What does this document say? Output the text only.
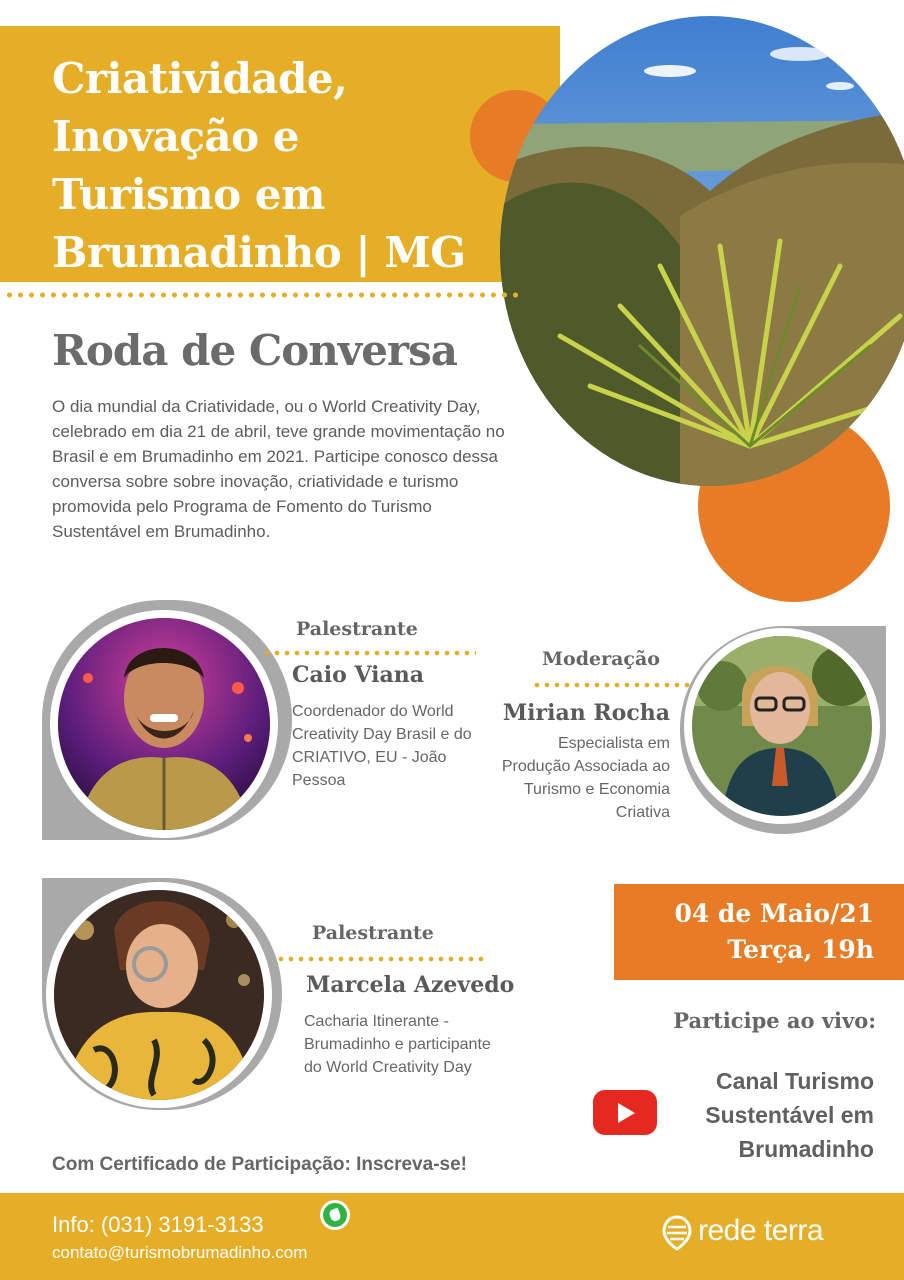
Criatividade,
Inovação e
Turismo em
Brumadinho | MG
Roda de Conversa
O dia mundial da Criatividade, ou o World Creativity Day, celebrado em dia 21 de abril, teve grande movimentação no Brasil e em Brumadinho em 2021. Participe conosco dessa conversa sobre sobre inovação, criatividade e turismo promovida pelo Programa de Fomento do Turismo Sustentável em Brumadinho.
Palestrante
Caio Viana
Coordenador do World Creativity Day Brasil e do CRIATIVO, EU - João Pessoa
Moderação
Mirian Rocha
Especialista em Produção Associada ao Turismo e Economia Criativa
Palestrante
Marcela Azevedo
Cacharia Itinerante - Brumadinho e participante do World Creativity Day
04 de Maio/21
Terça, 19h
Participe ao vivo:
Canal Turismo
Sustentável em
Brumadinho
Com Certificado de Participação: Inscreva-se!
Info: (031) 3191-3133
contato@turismobrumadinho.com
rede terra
